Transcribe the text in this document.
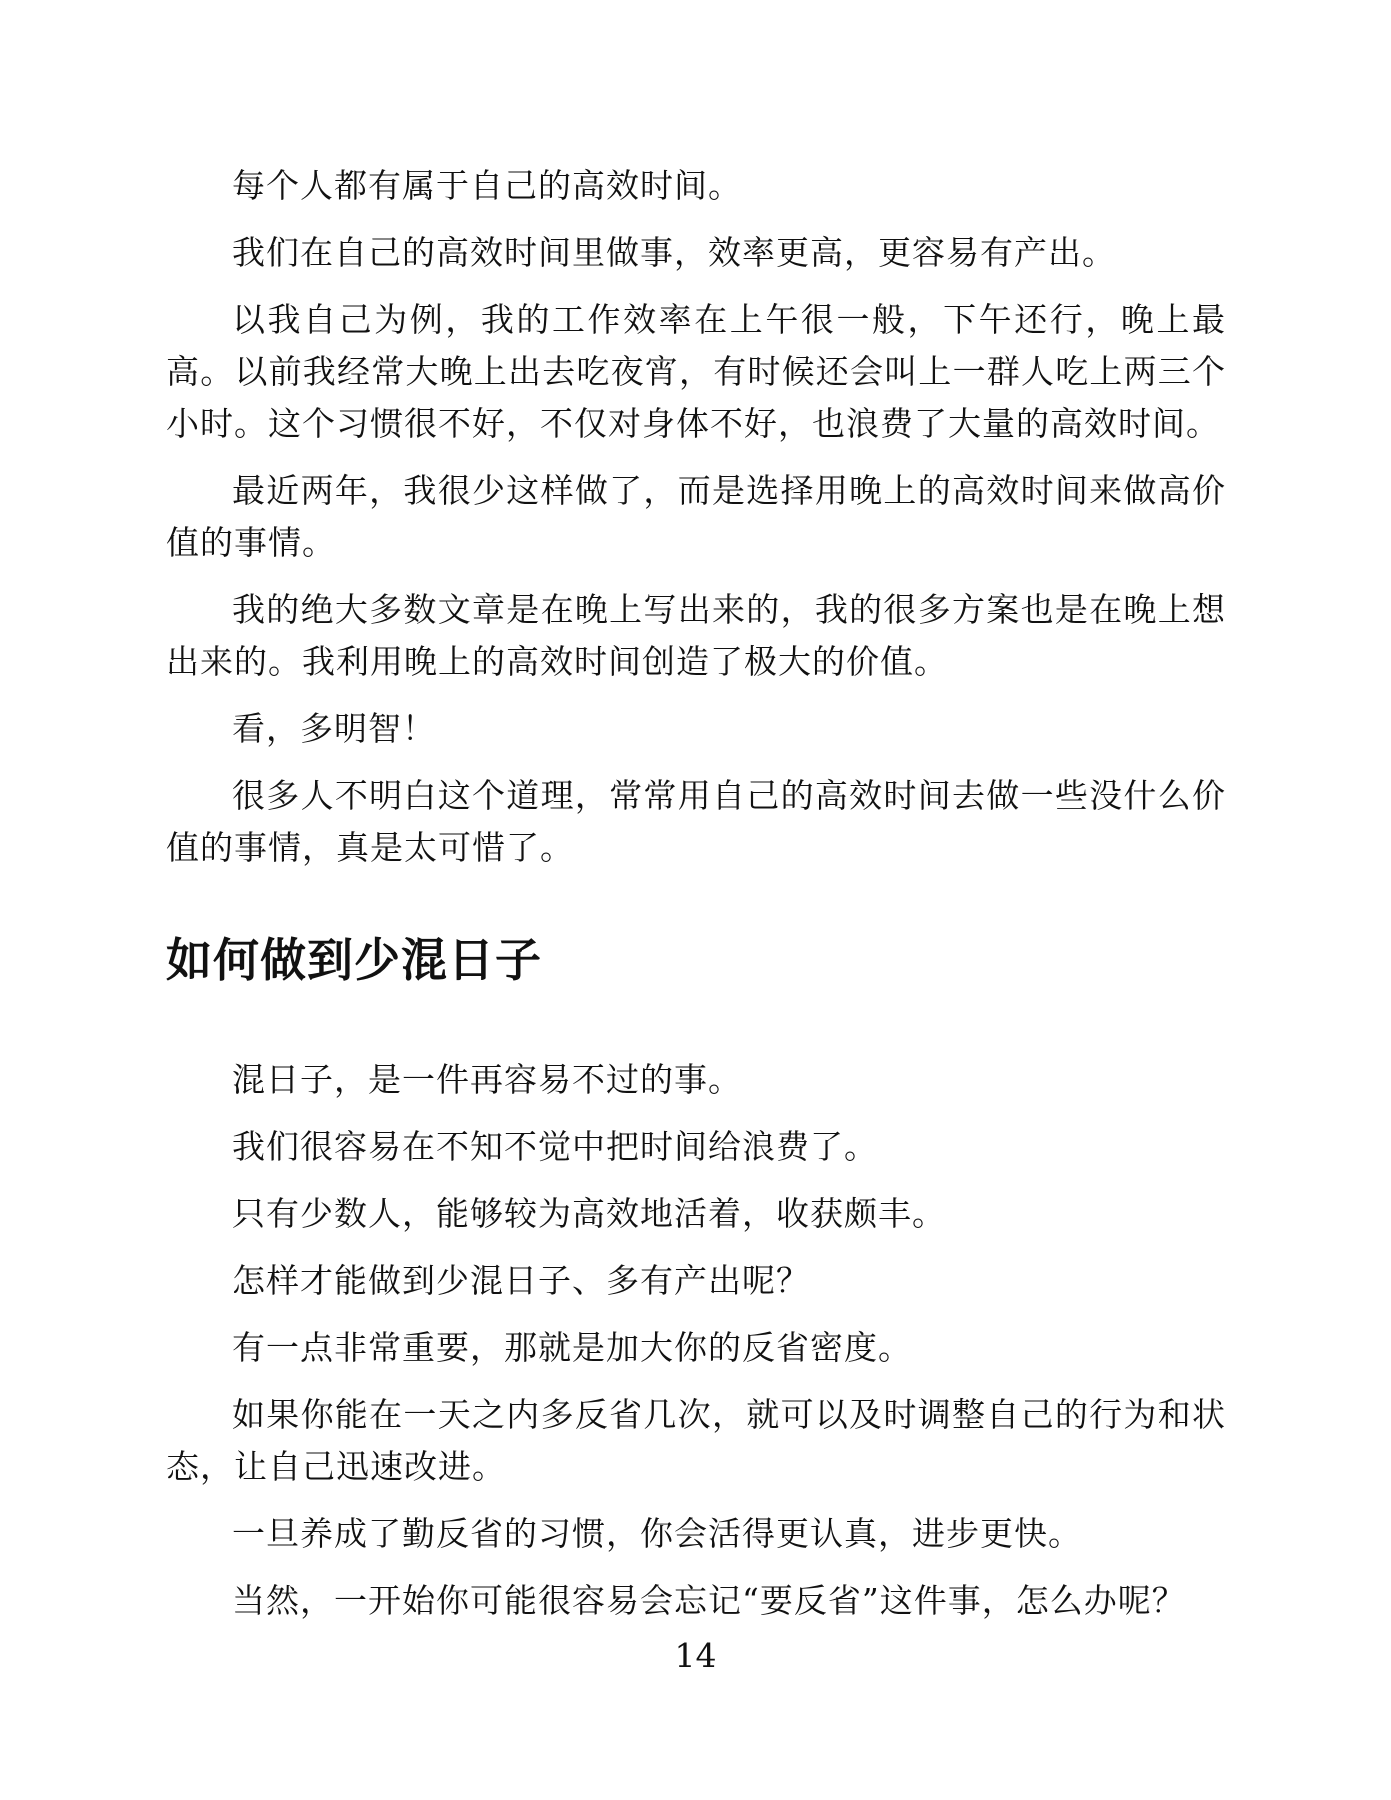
每个人都有属于自己的高效时间。

我们在自己的高效时间里做事，效率更高，更容易有产出。

以我自己为例，我的工作效率在上午很一般，下午还行，晚上最高。以前我经常大晚上出去吃夜宵，有时候还会叫上一群人吃上两三个小时。这个习惯很不好，不仅对身体不好，也浪费了大量的高效时间。

最近两年，我很少这样做了，而是选择用晚上的高效时间来做高价值的事情。

我的绝大多数文章是在晚上写出来的，我的很多方案也是在晚上想出来的。我利用晚上的高效时间创造了极大的价值。

看，多明智！

很多人不明白这个道理，常常用自己的高效时间去做一些没什么价值的事情，真是太可惜了。

如何做到少混日子

混日子，是一件再容易不过的事。

我们很容易在不知不觉中把时间给浪费了。

只有少数人，能够较为高效地活着，收获颇丰。

怎样才能做到少混日子、多有产出呢？

有一点非常重要，那就是加大你的反省密度。

如果你能在一天之内多反省几次，就可以及时调整自己的行为和状态，让自己迅速改进。

一旦养成了勤反省的习惯，你会活得更认真，进步更快。

当然，一开始你可能很容易会忘记“要反省”这件事，怎么办呢？

14
